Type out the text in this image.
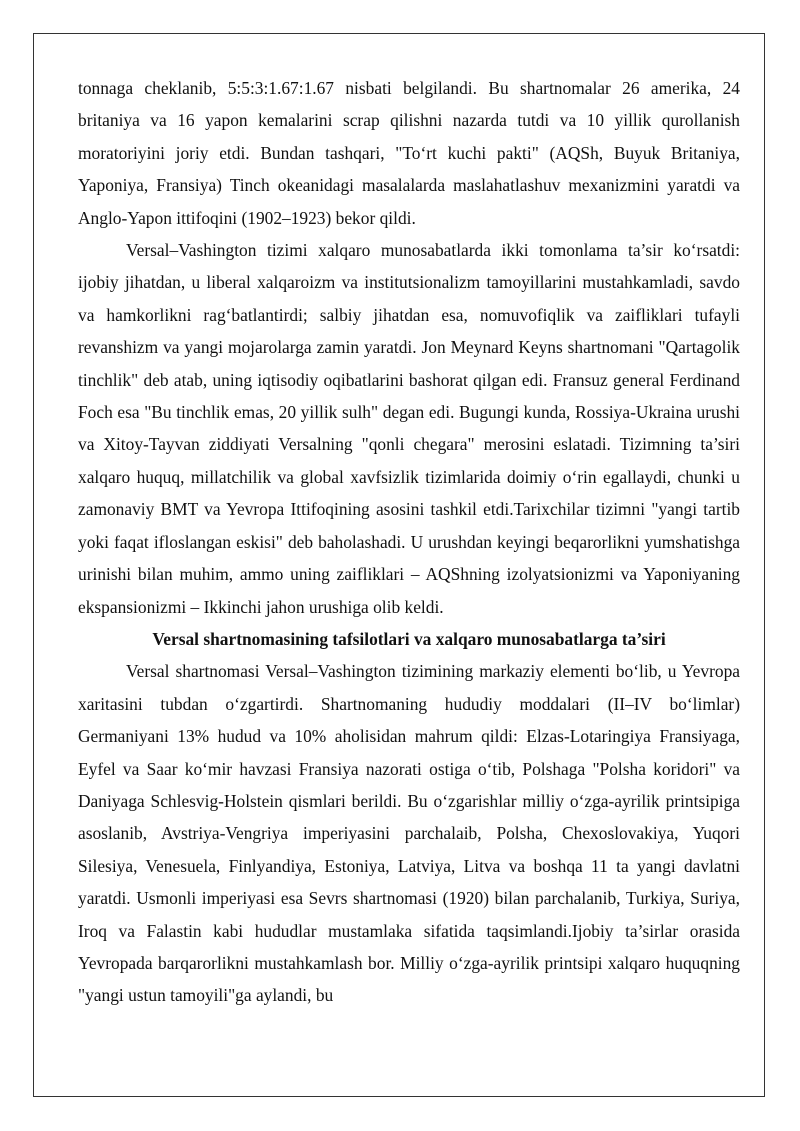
tonnaga cheklanib, 5:5:3:1.67:1.67 nisbati belgilandi. Bu shartnomalar 26 amerika, 24 britaniya va 16 yapon kemalarini scrap qilishni nazarda tutdi va 10 yillik qurollanish moratoriyini joriy etdi. Bundan tashqari, "To‘rt kuchi pakti" (AQSh, Buyuk Britaniya, Yaponiya, Fransiya) Tinch okeanidagi masalalarda maslahatlashuv mexanizmini yaratdi va Anglo-Yapon ittifoqini (1902–1923) bekor qildi.

Versal–Vashington tizimi xalqaro munosabatlarda ikki tomonlama ta’sir ko‘rsatdi: ijobiy jihatdan, u liberal xalqaroizm va institutsionalizm tamoyillarini mustahkamladi, savdo va hamkorlikni rag‘batlantirdi; salbiy jihatdan esa, nomuvofiqlik va zaifliklari tufayli revanshizm va yangi mojarolarga zamin yaratdi. Jon Meynard Keyns shartnomani "Qartagolik tinchlik" deb atab, uning iqtisodiy oqibatlarini bashorat qilgan edi. Fransuz general Ferdinand Foch esa "Bu tinchlik emas, 20 yillik sulh" degan edi. Bugungi kunda, Rossiya-Ukraina urushi va Xitoy-Tayvan ziddiyati Versalning "qonli chegara" merosini eslatadi. Tizimning ta’siri xalqaro huquq, millatchilik va global xavfsizlik tizimlarida doimiy o‘rin egallaydi, chunki u zamonaviy BMT va Yevropa Ittifoqining asosini tashkil etdi.Tarixchilar tizimni "yangi tartib yoki faqat ifloslangan eskisi" deb baholashadi. U urushdan keyingi beqarorlikni yumshatishga urinishi bilan muhim, ammo uning zaifliklari – AQShning izolyatsionizmi va Yaponiyaning ekspansionizmi – Ikkinchi jahon urushiga olib keldi.

Versal shartnomasining tafsilotlari va xalqaro munosabatlarga ta’siri

Versal shartnomasi Versal–Vashington tizimining markaziy elementi bo‘lib, u Yevropa xaritasini tubdan o‘zgartirdi. Shartnomaning hududiy moddalari (II–IV bo‘limlar) Germaniyani 13% hudud va 10% aholisidan mahrum qildi: Elzas-Lotaringiya Fransiyaga, Eyfel va Saar ko‘mir havzasi Fransiya nazorati ostiga o‘tib, Polshaga "Polsha koridori" va Daniyaga Schlesvig-Holstein qismlari berildi. Bu o‘zgarishlar milliy o‘zga-ayrilik printsipiga asoslanib, Avstriya-Vengriya imperiyasini parchalaib, Polsha, Chexoslovakiya, Yuqori Silesiya, Venesuela, Finlyandiya, Estoniya, Latviya, Litva va boshqa 11 ta yangi davlatni yaratdi. Usmonli imperiyasi esa Sevrs shartnomasi (1920) bilan parchalanib, Turkiya, Suriya, Iroq va Falastin kabi hududlar mustamlaka sifatida taqsimlandi.Ijobiy ta’sirlar orasida Yevropada barqarorlikni mustahkamlash bor. Milliy o‘zga-ayrilik printsipi xalqaro huquqning "yangi ustun tamoyili"ga aylandi, bu
